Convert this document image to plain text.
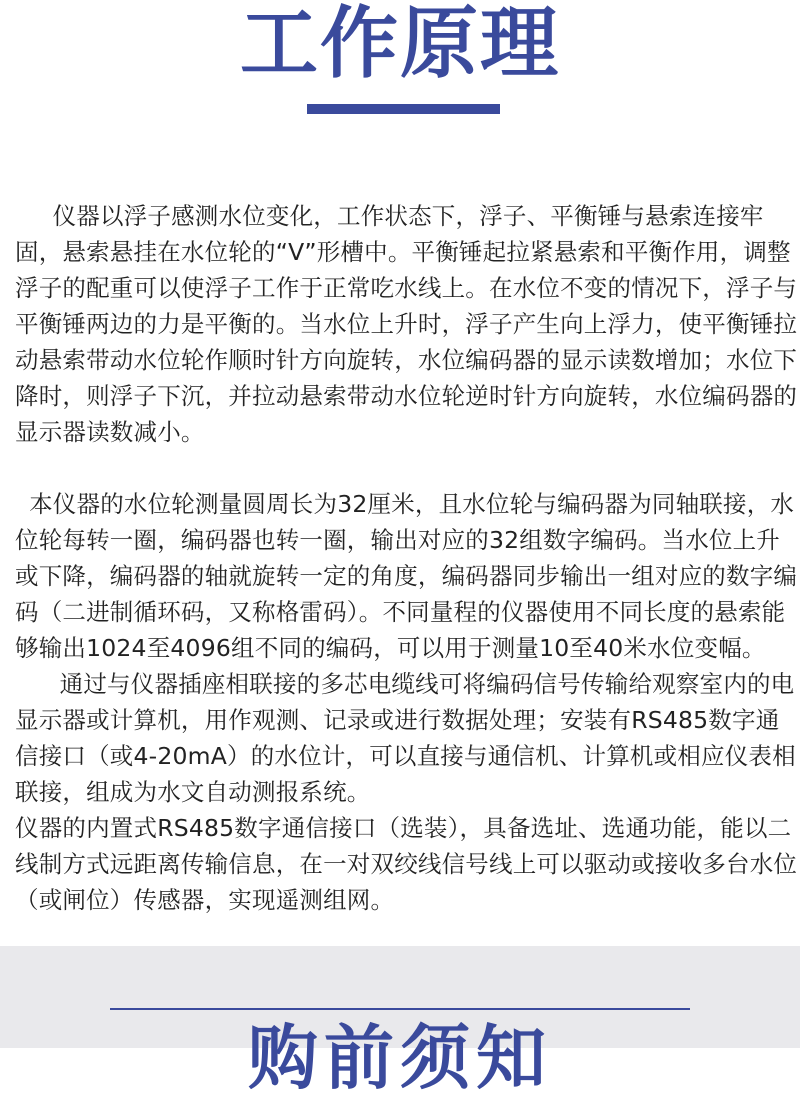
工作原理

仪器以浮子感测水位变化，工作状态下，浮子、平衡锤与悬索连接牢固，悬索悬挂在水位轮的“V”形槽中。平衡锤起拉紧悬索和平衡作用，调整浮子的配重可以使浮子工作于正常吃水线上。在水位不变的情况下，浮子与平衡锤两边的力是平衡的。当水位上升时，浮子产生向上浮力，使平衡锤拉动悬索带动水位轮作顺时针方向旋转，水位编码器的显示读数增加；水位下降时，则浮子下沉，并拉动悬索带动水位轮逆时针方向旋转，水位编码器的显示器读数减小。

本仪器的水位轮测量圆周长为32厘米，且水位轮与编码器为同轴联接，水位轮每转一圈，编码器也转一圈，输出对应的32组数字编码。当水位上升或下降，编码器的轴就旋转一定的角度，编码器同步输出一组对应的数字编码（二进制循环码，又称格雷码）。不同量程的仪器使用不同长度的悬索能够输出1024至4096组不同的编码，可以用于测量10至40米水位变幅。

通过与仪器插座相联接的多芯电缆线可将编码信号传输给观察室内的电显示器或计算机，用作观测、记录或进行数据处理；安装有RS485数字通信接口（或4-20mA）的水位计，可以直接与通信机、计算机或相应仪表相联接，组成为水文自动测报系统。
仪器的内置式RS485数字通信接口（选装），具备选址、选通功能，能以二线制方式远距离传输信息，在一对双绞线信号线上可以驱动或接收多台水位（或闸位）传感器，实现遥测组网。

购前须知
